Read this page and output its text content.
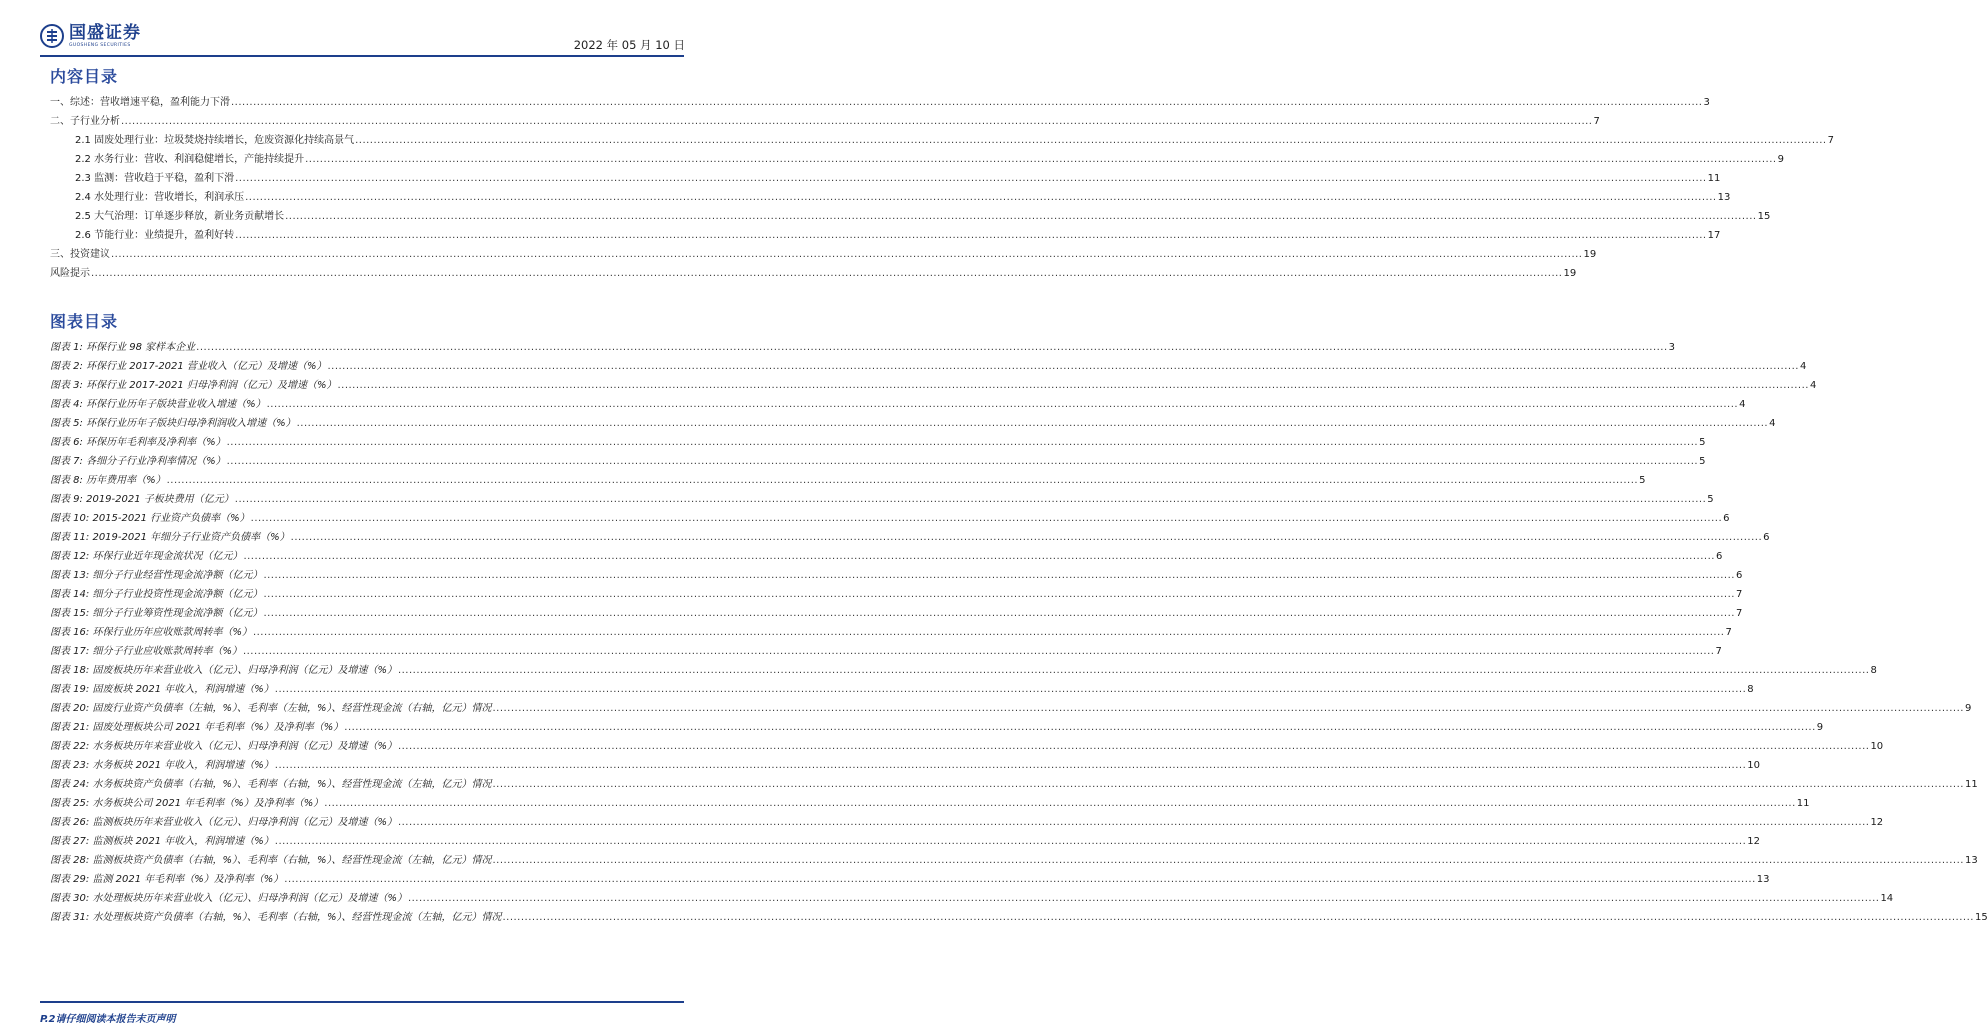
国盛证券
GUOSHENG SECURITIES	2022 年 05 月 10 日
内容目录
一、综述：营收增速平稳，盈利能力下滑 ................................................................................................................................................................................................................................................................................................................................................................................................................ 3
二、子行业分析 ................................................................................................................................................................................................................................................................................................................................................................................................................ 7
2.1 固废处理行业：垃圾焚烧持续增长，危废资源化持续高景气 ................................................................................................................................................................................................................................................................................................................................................................................................................ 7
2.2 水务行业：营收、利润稳健增长，产能持续提升 ................................................................................................................................................................................................................................................................................................................................................................................................................ 9
2.3 监测：营收趋于平稳，盈利下滑 ................................................................................................................................................................................................................................................................................................................................................................................................................ 11
2.4 水处理行业：营收增长，利润承压 ................................................................................................................................................................................................................................................................................................................................................................................................................ 13
2.5 大气治理：订单逐步释放，新业务贡献增长 ................................................................................................................................................................................................................................................................................................................................................................................................................ 15
2.6 节能行业：业绩提升，盈利好转 ................................................................................................................................................................................................................................................................................................................................................................................................................ 17
三、投资建议 ................................................................................................................................................................................................................................................................................................................................................................................................................ 19
风险提示 ................................................................................................................................................................................................................................................................................................................................................................................................................ 19
图表目录
图表 1: 环保行业 98 家样本企业 ................................................................................................................................................................................................................................................................................................................................................................................................................ 3
图表 2: 环保行业 2017-2021 营业收入（亿元）及增速（%） ................................................................................................................................................................................................................................................................................................................................................................................................................ 4
图表 3: 环保行业 2017-2021 归母净利润（亿元）及增速（%） ................................................................................................................................................................................................................................................................................................................................................................................................................ 4
图表 4: 环保行业历年子版块营业收入增速（%） ................................................................................................................................................................................................................................................................................................................................................................................................................ 4
图表 5: 环保行业历年子版块归母净利润收入增速（%） ................................................................................................................................................................................................................................................................................................................................................................................................................ 4
图表 6: 环保历年毛利率及净利率（%） ................................................................................................................................................................................................................................................................................................................................................................................................................ 5
图表 7: 各细分子行业净利率情况（%） ................................................................................................................................................................................................................................................................................................................................................................................................................ 5
图表 8: 历年费用率（%） ................................................................................................................................................................................................................................................................................................................................................................................................................ 5
图表 9: 2019-2021 子板块费用（亿元） ................................................................................................................................................................................................................................................................................................................................................................................................................ 5
图表 10: 2015-2021 行业资产负债率（%） ................................................................................................................................................................................................................................................................................................................................................................................................................ 6
图表 11: 2019-2021 年细分子行业资产负债率（%） ................................................................................................................................................................................................................................................................................................................................................................................................................ 6
图表 12: 环保行业近年现金流状况（亿元） ................................................................................................................................................................................................................................................................................................................................................................................................................ 6
图表 13: 细分子行业经营性现金流净额（亿元） ................................................................................................................................................................................................................................................................................................................................................................................................................ 6
图表 14: 细分子行业投资性现金流净额（亿元） ................................................................................................................................................................................................................................................................................................................................................................................................................ 7
图表 15: 细分子行业筹资性现金流净额（亿元） ................................................................................................................................................................................................................................................................................................................................................................................................................ 7
图表 16: 环保行业历年应收账款周转率（%） ................................................................................................................................................................................................................................................................................................................................................................................................................ 7
图表 17: 细分子行业应收账款周转率（%） ................................................................................................................................................................................................................................................................................................................................................................................................................ 7
图表 18: 固废板块历年来营业收入（亿元）、归母净利润（亿元）及增速（%） ................................................................................................................................................................................................................................................................................................................................................................................................................ 8
图表 19: 固废板块 2021 年收入，利润增速（%） ................................................................................................................................................................................................................................................................................................................................................................................................................ 8
图表 20: 固废行业资产负债率（左轴，%）、毛利率（左轴，%）、经营性现金流（右轴，亿元）情况 ................................................................................................................................................................................................................................................................................................................................................................................................................ 9
图表 21: 固废处理板块公司 2021 年毛利率（%）及净利率（%） ................................................................................................................................................................................................................................................................................................................................................................................................................ 9
图表 22: 水务板块历年来营业收入（亿元）、归母净利润（亿元）及增速（%） ................................................................................................................................................................................................................................................................................................................................................................................................................ 10
图表 23: 水务板块 2021 年收入，利润增速（%） ................................................................................................................................................................................................................................................................................................................................................................................................................ 10
图表 24: 水务板块资产负债率（右轴，%）、毛利率（右轴，%）、经营性现金流（左轴，亿元）情况 ................................................................................................................................................................................................................................................................................................................................................................................................................ 11
图表 25: 水务板块公司 2021 年毛利率（%）及净利率（%） ................................................................................................................................................................................................................................................................................................................................................................................................................ 11
图表 26: 监测板块历年来营业收入（亿元）、归母净利润（亿元）及增速（%） ................................................................................................................................................................................................................................................................................................................................................................................................................ 12
图表 27: 监测板块 2021 年收入，利润增速（%） ................................................................................................................................................................................................................................................................................................................................................................................................................ 12
图表 28: 监测板块资产负债率（右轴，%）、毛利率（右轴，%）、经营性现金流（左轴，亿元）情况 ................................................................................................................................................................................................................................................................................................................................................................................................................ 13
图表 29: 监测 2021 年毛利率（%）及净利率（%） ................................................................................................................................................................................................................................................................................................................................................................................................................ 13
图表 30: 水处理板块历年来营业收入（亿元）、归母净利润（亿元）及增速（%） ................................................................................................................................................................................................................................................................................................................................................................................................................ 14
图表 31: 水处理板块资产负债率（右轴，%）、毛利率（右轴，%）、经营性现金流（左轴，亿元）情况 ................................................................................................................................................................................................................................................................................................................................................................................................................ 15
P.2请仔细阅读本报告末页声明
